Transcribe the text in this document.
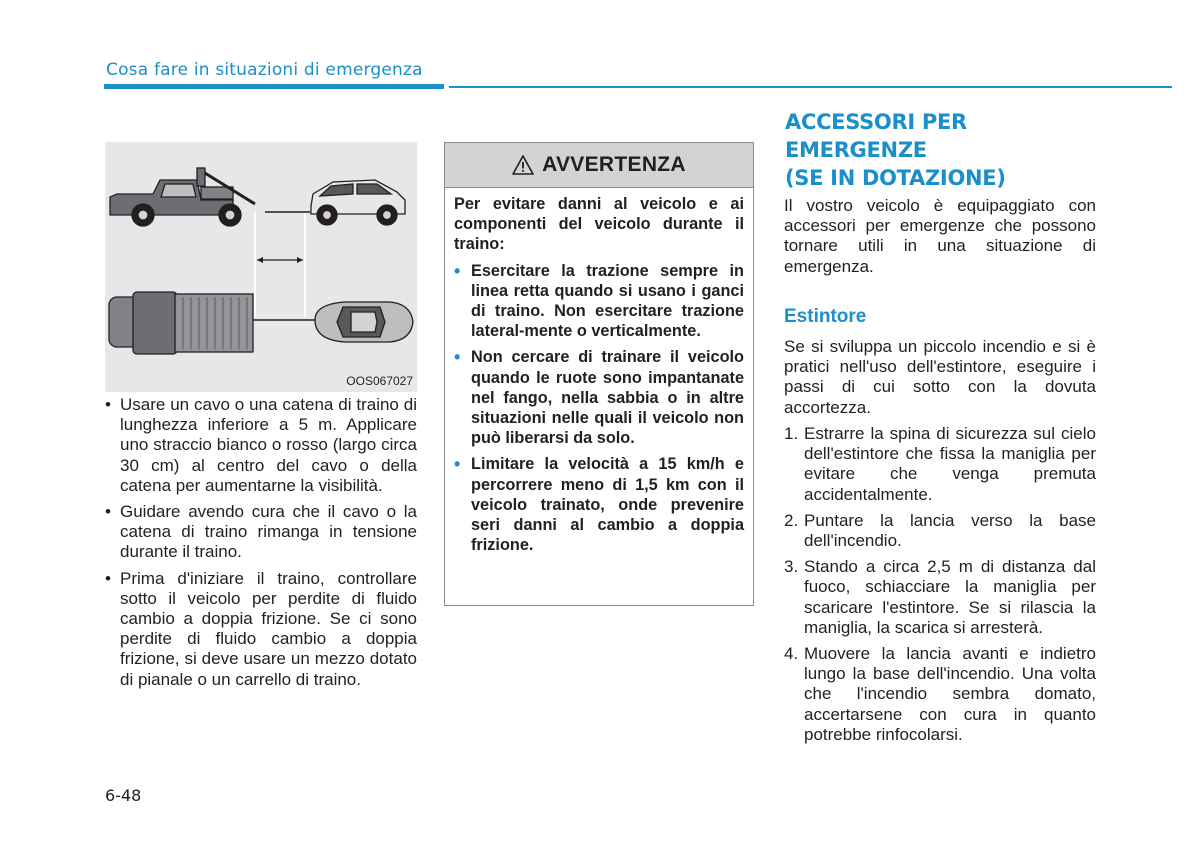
Cosa fare in situazioni di emergenza
OOS067027
• Usare un cavo o una catena di traino di lunghezza inferiore a 5 m. Applicare uno straccio bianco o rosso (largo circa 30 cm) al centro del cavo o della catena per aumentarne la visibilità.
• Guidare avendo cura che il cavo o la catena di traino rimanga in tensione durante il traino.
• Prima d'iniziare il traino, controllare sotto il veicolo per perdite di fluido cambio a doppia frizione. Se ci sono perdite di fluido cambio a doppia frizione, si deve usare un mezzo dotato di pianale o un carrello di traino.
AVVERTENZA

Per evitare danni al veicolo e ai componenti del veicolo durante il traino:

• Esercitare la trazione sempre in linea retta quando si usano i ganci di traino. Non esercitare trazione lateral-mente o verticalmente.
• Non cercare di trainare il veicolo quando le ruote sono impantanate nel fango, nella sabbia o in altre situazioni nelle quali il veicolo non può liberarsi da solo.
• Limitare la velocità a 15 km/h e percorrere meno di 1,5 km con il veicolo trainato, onde prevenire seri danni al cambio a doppia frizione.
ACCESSORI PER
EMERGENZE
(SE IN DOTAZIONE)

Il vostro veicolo è equipaggiato con accessori per emergenze che possono tornare utili in una situazione di emergenza.

Estintore

Se si sviluppa un piccolo incendio e si è pratici nell'uso dell'estintore, eseguire i passi di cui sotto con la dovuta accortezza.

1. Estrarre la spina di sicurezza sul cielo dell'estintore che fissa la maniglia per evitare che venga premuta accidentalmente.
2. Puntare la lancia verso la base dell'incendio.
3. Stando a circa 2,5 m di distanza dal fuoco, schiacciare la maniglia per scaricare l'estintore. Se si rilascia la maniglia, la scarica si arresterà.
4. Muovere la lancia avanti e indietro lungo la base dell'incendio. Una volta che l'incendio sembra domato, accertarsene con cura in quanto potrebbe rinfocolarsi.
6-48
